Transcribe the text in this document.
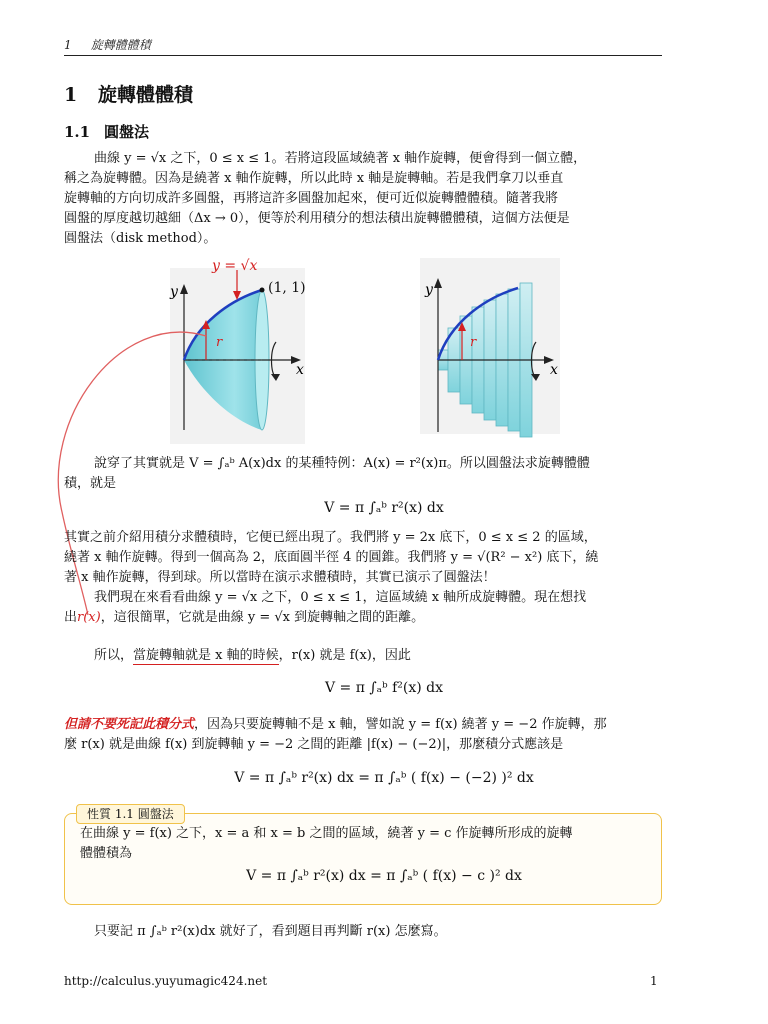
1 旋轉體體積
1 旋轉體體積
1.1 圓盤法
曲線 y = √x 之下，0 ≤ x ≤ 1。若將這段區域繞著 x 軸作旋轉，便會得到一個立體，
稱之為旋轉體。因為是繞著 x 軸作旋轉，所以此時 x 軸是旋轉軸。若是我們拿刀以垂直
旋轉軸的方向切成許多圓盤，再將這許多圓盤加起來，便可近似旋轉體體積。隨著我將
圓盤的厚度越切越細（Δx → 0），便等於利用積分的想法積出旋轉體體積，這個方法便是
圓盤法（disk method）。
y = √x
(1, 1)
y
x
r
y
x
r
說穿了其實就是 V = ∫ₐᵇ A(x)dx 的某種特例：A(x) = r²(x)π。所以圓盤法求旋轉體體
積，就是
V = π ∫ₐᵇ r²(x) dx
其實之前介紹用積分求體積時，它便已經出現了。我們將 y = 2x 底下，0 ≤ x ≤ 2 的區域，
繞著 x 軸作旋轉。得到一個高為 2，底面圓半徑 4 的圓錐。我們將 y = √(R² − x²) 底下，繞
著 x 軸作旋轉，得到球。所以當時在演示求體積時，其實已演示了圓盤法！
我們現在來看看曲線 y = √x 之下，0 ≤ x ≤ 1，這區域繞 x 軸所成旋轉體。現在想找
出r(x)，這很簡單，它就是曲線 y = √x 到旋轉軸之間的距離。
所以，當旋轉軸就是 x 軸的時候，r(x) 就是 f(x)，因此
V = π ∫ₐᵇ f²(x) dx
但請不要死記此積分式，因為只要旋轉軸不是 x 軸，譬如說 y = f(x) 繞著 y = −2 作旋轉，那
麼 r(x) 就是曲線 f(x) 到旋轉軸 y = −2 之間的距離 |f(x) − (−2)|，那麼積分式應該是
V = π ∫ₐᵇ r²(x) dx = π ∫ₐᵇ ( f(x) − (−2) )² dx
性質 1.1 圓盤法
在曲線 y = f(x) 之下，x = a 和 x = b 之間的區域，繞著 y = c 作旋轉所形成的旋轉
體體積為
V = π ∫ₐᵇ r²(x) dx = π ∫ₐᵇ ( f(x) − c )² dx
只要記 π ∫ₐᵇ r²(x)dx 就好了，看到題目再判斷 r(x) 怎麼寫。
http://calculus.yuyumagic424.net	1
